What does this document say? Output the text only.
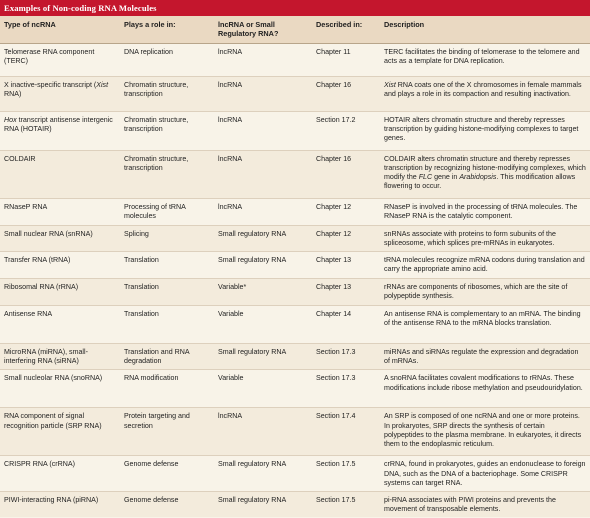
Examples of Non-coding RNA Molecules
Type of ncRNA	Plays a role in:	lncRNA or Small Regulatory RNA?	Described in:	Description
Telomerase RNA component (TERC)	DNA replication	lncRNA	Chapter 11	TERC facilitates the binding of telomerase to the telomere and acts as a template for DNA replication.
X inactive-specific transcript (Xist RNA)	Chromatin structure, transcription	lncRNA	Chapter 16	Xist RNA coats one of the X chromosomes in female mammals and plays a role in its compaction and resulting inactivation.
Hox transcript antisense intergenic RNA (HOTAIR)	Chromatin structure, transcription	lncRNA	Section 17.2	HOTAIR alters chromatin structure and thereby represses transcription by guiding histone-modifying complexes to target genes.
COLDAIR	Chromatin structure, transcription	lncRNA	Chapter 16	COLDAIR alters chromatin structure and thereby represses transcription by recognizing histone-modifying complexes, which modify the FLC gene in Arabidopsis. This modification allows flowering to occur.
RNaseP RNA	Processing of tRNA molecules	lncRNA	Chapter 12	RNaseP is involved in the processing of tRNA molecules. The RNaseP RNA is the catalytic component.
Small nuclear RNA (snRNA)	Splicing	Small regulatory RNA	Chapter 12	snRNAs associate with proteins to form subunits of the spliceosome, which splices pre-mRNAs in eukaryotes.
Transfer RNA (tRNA)	Translation	Small regulatory RNA	Chapter 13	tRNA molecules recognize mRNA codons during translation and carry the appropriate amino acid.
Ribosomal RNA (rRNA)	Translation	Variable*	Chapter 13	rRNAs are components of ribosomes, which are the site of polypeptide synthesis.
Antisense RNA	Translation	Variable	Chapter 14	An antisense RNA is complementary to an mRNA. The binding of the antisense RNA to the mRNA blocks translation.
MicroRNA (miRNA), small-interfering RNA (siRNA)	Translation and RNA degradation	Small regulatory RNA	Section 17.3	miRNAs and siRNAs regulate the expression and degradation of mRNAs.
Small nucleolar RNA (snoRNA)	RNA modification	Variable	Section 17.3	A snoRNA facilitates covalent modifications to rRNAs. These modifications include ribose methylation and pseudouridylation.
RNA component of signal recognition particle (SRP RNA)	Protein targeting and secretion	lncRNA	Section 17.4	An SRP is composed of one ncRNA and one or more proteins. In prokaryotes, SRP directs the synthesis of certain polypeptides to the plasma membrane. In eukaryotes, it directs them to the endoplasmic reticulum.
CRISPR RNA (crRNA)	Genome defense	Small regulatory RNA	Section 17.5	crRNA, found in prokaryotes, guides an endonuclease to foreign DNA, such as the DNA of a bacteriophage. Some CRISPR systems can target RNA.
PIWI-interacting RNA (piRNA)	Genome defense	Small regulatory RNA	Section 17.5	pi-RNA associates with PIWI proteins and prevents the movement of transposable elements.
